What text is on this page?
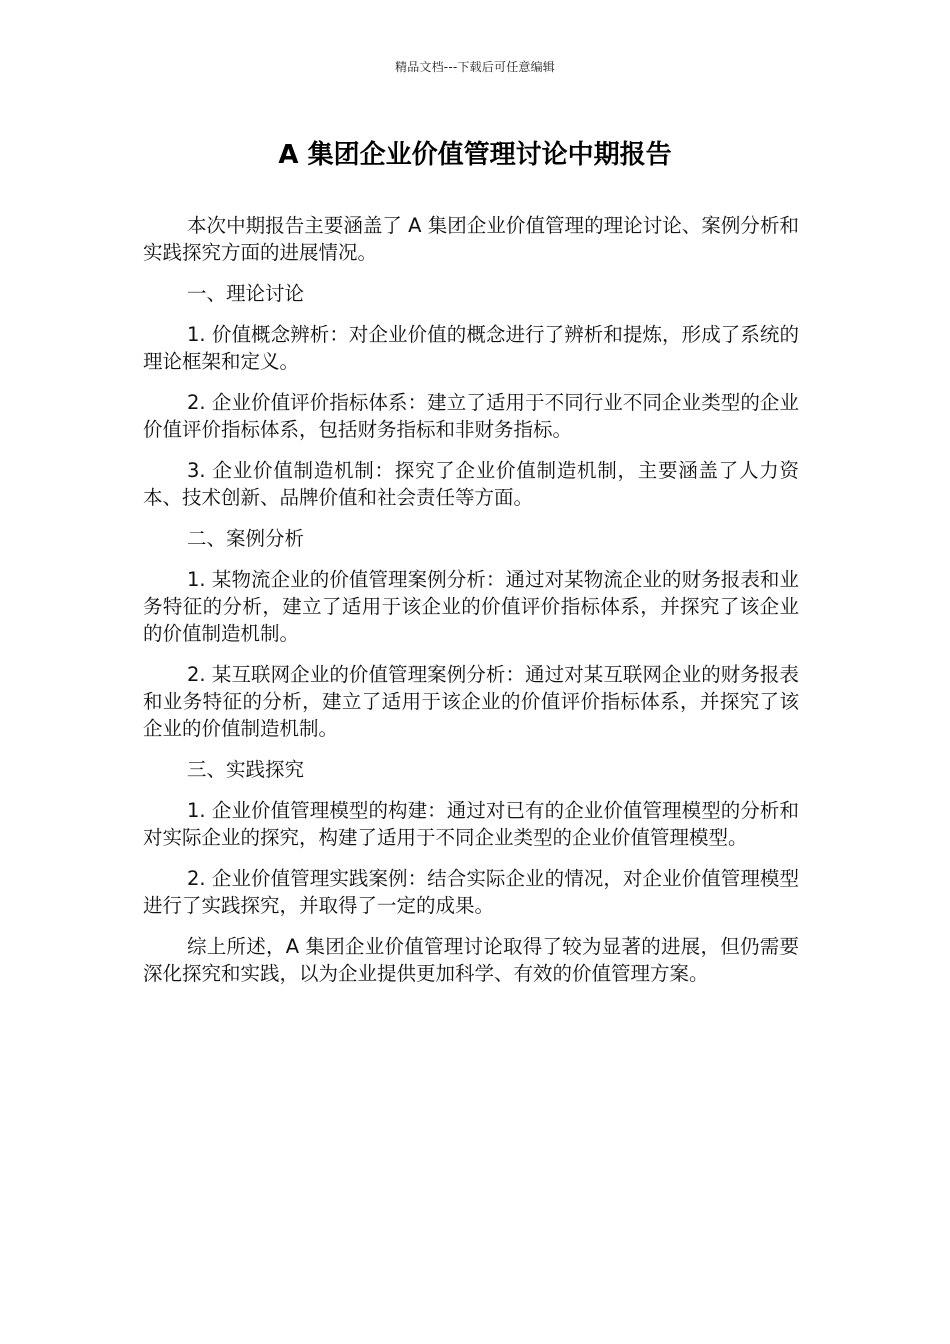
精品文档---下载后可任意编辑
A 集团企业价值管理讨论中期报告

本次中期报告主要涵盖了 A 集团企业价值管理的理论讨论、案例分析和实践探究方面的进展情况。

一、理论讨论

1. 价值概念辨析：对企业价值的概念进行了辨析和提炼，形成了系统的理论框架和定义。

2. 企业价值评价指标体系：建立了适用于不同行业不同企业类型的企业价值评价指标体系，包括财务指标和非财务指标。

3. 企业价值制造机制：探究了企业价值制造机制，主要涵盖了人力资本、技术创新、品牌价值和社会责任等方面。

二、案例分析

1. 某物流企业的价值管理案例分析：通过对某物流企业的财务报表和业务特征的分析，建立了适用于该企业的价值评价指标体系，并探究了该企业的价值制造机制。

2. 某互联网企业的价值管理案例分析：通过对某互联网企业的财务报表和业务特征的分析，建立了适用于该企业的价值评价指标体系，并探究了该企业的价值制造机制。

三、实践探究

1. 企业价值管理模型的构建：通过对已有的企业价值管理模型的分析和对实际企业的探究，构建了适用于不同企业类型的企业价值管理模型。

2. 企业价值管理实践案例：结合实际企业的情况，对企业价值管理模型进行了实践探究，并取得了一定的成果。

综上所述，A 集团企业价值管理讨论取得了较为显著的进展，但仍需要深化探究和实践，以为企业提供更加科学、有效的价值管理方案。
